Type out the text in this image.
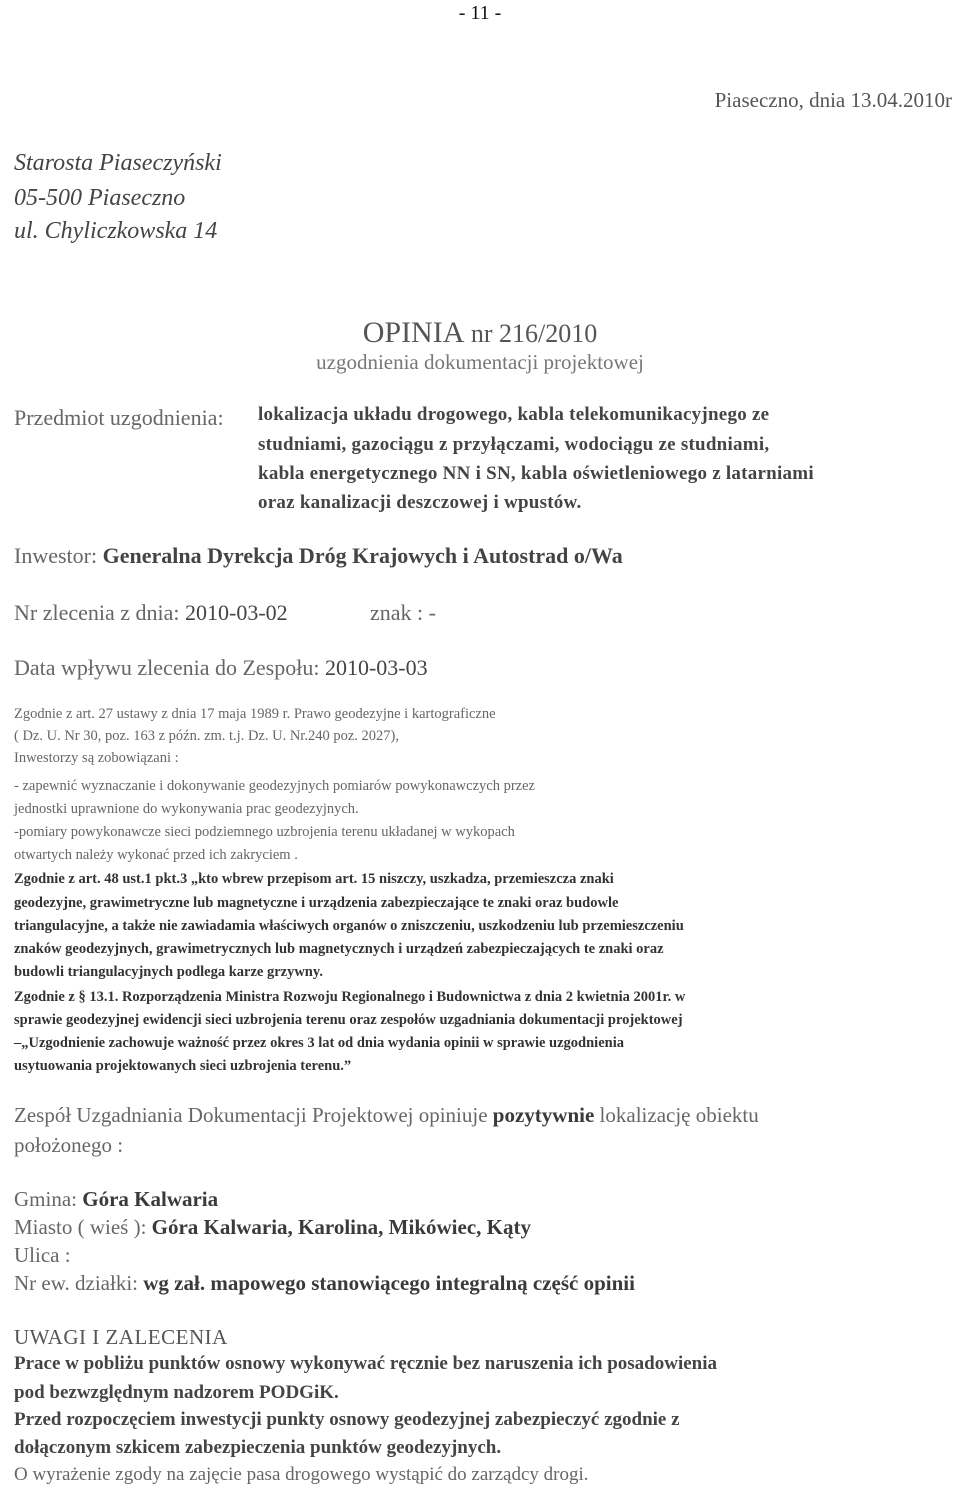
- 11 -
Piaseczno, dnia 13.04.2010r
Starosta Piaseczyński
05-500 Piaseczno
ul. Chyliczkowska 14
OPINIA nr 216/2010
uzgodnienia dokumentacji projektowej
Przedmiot uzgodnienia: lokalizacja układu drogowego, kabla telekomunikacyjnego ze
studniami, gazociągu z przyłączami, wodociągu ze studniami,
kabla energetycznego NN i SN, kabla oświetleniowego z latarniami
oraz kanalizacji deszczowej i wpustów.
Inwestor: Generalna Dyrekcja Dróg Krajowych i Autostrad o/Wa
Nr zlecenia z dnia: 2010-03-02	znak : -
Data wpływu zlecenia do Zespołu: 2010-03-03
Zgodnie z art. 27 ustawy z dnia 17 maja 1989 r. Prawo geodezyjne i kartograficzne
( Dz. U. Nr 30, poz. 163 z późn. zm. t.j. Dz. U. Nr.240 poz. 2027),
Inwestorzy są zobowiązani :
- zapewnić wyznaczanie i dokonywanie geodezyjnych pomiarów powykonawczych przez
jednostki uprawnione do wykonywania prac geodezyjnych.
-pomiary powykonawcze sieci podziemnego uzbrojenia terenu układanej w wykopach
otwartych należy wykonać przed ich zakryciem .
Zgodnie z art. 48 ust.1 pkt.3 „kto wbrew przepisom art. 15 niszczy, uszkadza, przemieszcza znaki
geodezyjne, grawimetryczne lub magnetyczne i urządzenia zabezpieczające te znaki oraz budowle
triangulacyjne, a także nie zawiadamia właściwych organów o zniszczeniu, uszkodzeniu lub przemieszczeniu
znaków geodezyjnych, grawimetrycznych lub magnetycznych i urządzeń zabezpieczających te znaki oraz
budowli triangulacyjnych podlega karze grzywny.
Zgodnie z § 13.1. Rozporządzenia Ministra Rozwoju Regionalnego i Budownictwa z dnia 2 kwietnia 2001r. w
sprawie geodezyjnej ewidencji sieci uzbrojenia terenu oraz zespołów uzgadniania dokumentacji projektowej
–„Uzgodnienie zachowuje ważność przez okres 3 lat od dnia wydania opinii w sprawie uzgodnienia
usytuowania projektowanych sieci uzbrojenia terenu.”
Zespół Uzgadniania Dokumentacji Projektowej opiniuje pozytywnie lokalizację obiektu
położonego :
Gmina: Góra Kalwaria
Miasto ( wieś ): Góra Kalwaria, Karolina, Mikówiec, Kąty
Ulica :
Nr ew. działki: wg zał. mapowego stanowiącego integralną część opinii
UWAGI I ZALECENIA
Prace w pobliżu punktów osnowy wykonywać ręcznie bez naruszenia ich posadowienia
pod bezwzględnym nadzorem PODGiK.
Przed rozpoczęciem inwestycji punkty osnowy geodezyjnej zabezpieczyć zgodnie z
dołączonym szkicem zabezpieczenia punktów geodezyjnych.
O wyrażenie zgody na zajęcie pasa drogowego wystąpić do zarządcy drogi.
